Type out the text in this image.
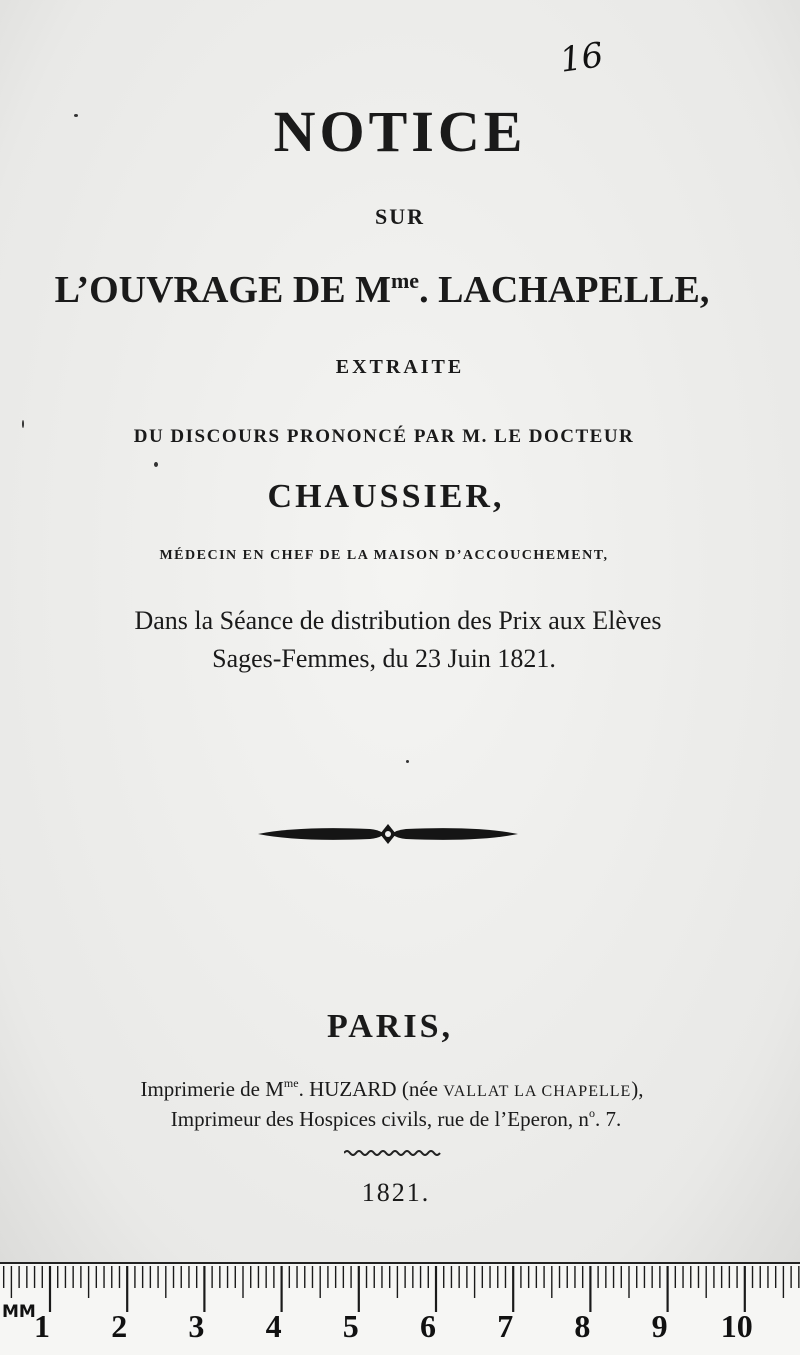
16
NOTICE
SUR
L’OUVRAGE DE $M^{me}$. LACHAPELLE,
EXTRAITE
DU DISCOURS PRONONCÉ PAR M. LE DOCTEUR
CHAUSSIER,
MÉDECIN EN CHEF DE LA MAISON D’ACCOUCHEMENT,
Dans la Séance de distribution des Prix aux Elèves
Sages-Femmes, du 23 Juin 1821.
PARIS,
Imprimerie de $M^{me}$. HUZARD (née VALLAT LA CHAPELLE),
Imprimeur des Hospices civils, rue de l’Eperon, $n^o$. 7.
1821.
MM
1 2 3 4 5 6 7 8 9 10
